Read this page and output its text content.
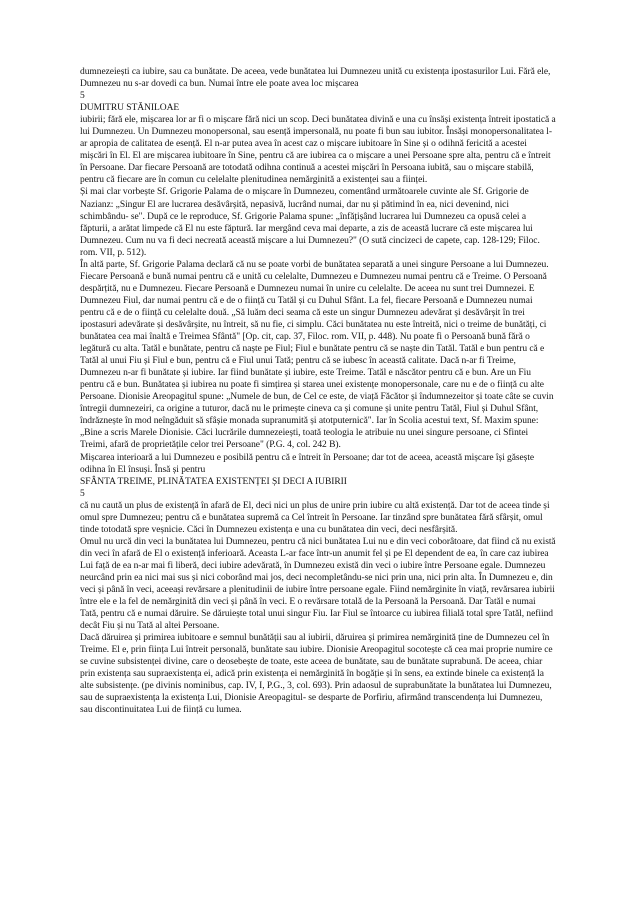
dumnezeiești ca iubire, sau ca bunătate. De aceea, vede bunătatea lui Dumnezeu unită cu existența ipostasurilor Lui. Fără ele, Dumnezeu nu s-ar dovedi ca bun. Numai între ele poate avea loc mișcarea

5

DUMITRU STĂNILOAE

iubirii; fără ele, mișcarea lor ar fi o mișcare fără nici un scop. Deci bunătatea divină e una cu însăși existența întreit ipostatică a lui Dumnezeu. Un Dumnezeu monopersonal, sau esență impersonală, nu poate fi bun sau iubitor. Însăși monopersonalitatea l-ar apropia de calitatea de esență. El n-ar putea avea în acest caz o mișcare iubitoare în Sine și o odihnă fericită a acestei mișcări în El. El are mișcarea iubitoare în Sine, pentru că are iubirea ca o mișcare a unei Persoane spre alta, pentru că e întreit în Persoane. Dar fiecare Persoană are totodată odihna continuă a acestei mișcări în Persoana iubită, sau o mișcare stabilă, pentru că fiecare are în comun cu celelalte plenitudinea nemărginită a existenței sau a ființei.

Și mai clar vorbește Sf. Grigorie Palama de o mișcare în Dumnezeu, comentând următoarele cuvinte ale Sf. Grigorie de Nazianz: „Singur El are lucrarea desăvârșită, nepasivă, lucrând numai, dar nu și pătimind în ea, nici devenind, nici schimbându- se". După ce le reproduce, Sf. Grigorie Palama spune: „înfățișând lucrarea lui Dumnezeu ca opusă celei a făpturii, a arătat limpede că El nu este făptură. Iar mergând ceva mai departe, a zis de această lucrare că este mișcarea lui Dumnezeu. Cum nu va fi deci necreată această mișcare a lui Dumnezeu?" (O sută cincizeci de capete, cap. 128-129; Filoc. rom. VII, p. 512).

În altă parte, Sf. Grigorie Palama declară că nu se poate vorbi de bunătatea separată a unei singure Persoane a lui Dumnezeu. Fiecare Persoană e bună numai pentru că e unită cu celelalte, Dumnezeu e Dumnezeu numai pentru că e Treime. O Persoană despărțită, nu e Dumnezeu. Fiecare Persoană e Dumnezeu numai în unire cu celelalte. De aceea nu sunt trei Dumnezei. E Dumnezeu Fiul, dar numai pentru că e de o ființă cu Tatăl și cu Duhul Sfânt. La fel, fiecare Persoană e Dumnezeu numai pentru că e de o ființă cu celelalte două. „Să luăm deci seama că este un singur Dumnezeu adevărat și desăvârșit în trei ipostasuri adevărate și desăvârșite, nu întreit, să nu fie, ci simplu. Căci bunătatea nu este întreită, nici o treime de bunătăți, ci bunătatea cea mai înaltă e Treimea Sfântă" [Op. cit, cap. 37, Filoc. rom. VII, p. 448). Nu poate fi o Persoană bună fără o legătură cu alta. Tatăl e bunătate, pentru că naște pe Fiul; Fiul e bunătate pentru că se naște din Tatăl. Tatăl e bun pentru că e Tatăl al unui Fiu și Fiul e bun, pentru că e Fiul unui Tată; pentru că se iubesc în această calitate. Dacă n-ar fi Treime, Dumnezeu n-ar fi bunătate și iubire. Iar fiind bunătate și iubire, este Treime. Tatăl e născător pentru că e bun. Are un Fiu pentru că e bun. Bunătatea și iubirea nu poate fi simțirea și starea unei existențe monopersonale, care nu e de o ființă cu alte Persoane. Dionisie Areopagitul spune: „Numele de bun, de Cel ce este, de viață Făcător și îndumnezeitor și toate câte se cuvin întregii dumnezeiri, ca origine a tuturor, dacă nu le primește cineva ca și comune și unite pentru Tatăl, Fiul și Duhul Sfânt, îndrăznește în mod neîngăduit să sfâșie monada supranumită și atotputernică". Iar în Scolia acestui text, Sf. Maxim spune: „Bine a scris Marele Dionisie. Căci lucrările dumnezeiești, toată teologia le atribuie nu unei singure persoane, ci Sfintei Treimi, afară de proprietățile celor trei Persoane" (P.G. 4, col. 242 B).

Mișcarea interioară a lui Dumnezeu e posibilă pentru că e întreit în Persoane; dar tot de aceea, această mișcare își găsește odihna în El însuși. Însă și pentru

SFÂNTA TREIME, PLINĂTATEA EXISTENȚEI ȘI DECI A IUBIRII

5

că nu caută un plus de existență în afară de El, deci nici un plus de unire prin iubire cu altă existență. Dar tot de aceea tinde și omul spre Dumnezeu; pentru că e bunătatea supremă ca Cel întreit în Persoane. Iar tinzând spre bunătatea fără sfârșit, omul tinde totodată spre veșnicie. Căci în Dumnezeu existența e una cu bunătatea din veci, deci nesfârșită.

Omul nu urcă din veci la bunătatea lui Dumnezeu, pentru că nici bunătatea Lui nu e din veci coborâtoare, dat fiind că nu există din veci în afară de El o existență inferioară. Aceasta L-ar face într-un anumit fel și pe El dependent de ea, în care caz iubirea Lui față de ea n-ar mai fi liberă, deci iubire adevărată, în Dumnezeu există din veci o iubire între Persoane egale. Dumnezeu neurcând prin ea nici mai sus și nici coborând mai jos, deci necompletându-se nici prin una, nici prin alta. În Dumnezeu e, din veci și până în veci, aceeași revărsare a plenitudinii de iubire între persoane egale. Fiind nemărginite în viață, revărsarea iubirii între ele e la fel de nemărginită din veci și până în veci. E o revărsare totală de la Persoană la Persoană. Dar Tatăl e numai Tată, pentru că e numai dăruire. Se dăruiește total unui singur Fiu. Iar Fiul se întoarce cu iubirea filială total spre Tatăl, nefiind decât Fiu și nu Tată al altei Persoane.

Dacă dăruirea și primirea iubitoare e semnul bunătății sau al iubirii, dăruirea și primirea nemărginită ține de Dumnezeu cel în Treime. El e, prin ființa Lui întreit personală, bunătate sau iubire. Dionisie Areopagitul socotește că cea mai proprie numire ce se cuvine subsistenței divine, care o deosebește de toate, este aceea de bunătate, sau de bunătate suprabună. De aceea, chiar prin existența sau supraexistența ei, adică prin existența ei nemărginită în bogăție și în sens, ea extinde binele ca existență la alte subsistențe. (pe divinis nominibus, cap. IV, I, P.G., 3, col. 693). Prin adaosul de suprabunătate la bunătatea lui Dumnezeu, sau de supraexistența la existența Lui, Dionisie Areopagitul- se desparte de Porfiriu, afirmând transcendența lui Dumnezeu, sau discontinuitatea Lui de ființă cu lumea.
